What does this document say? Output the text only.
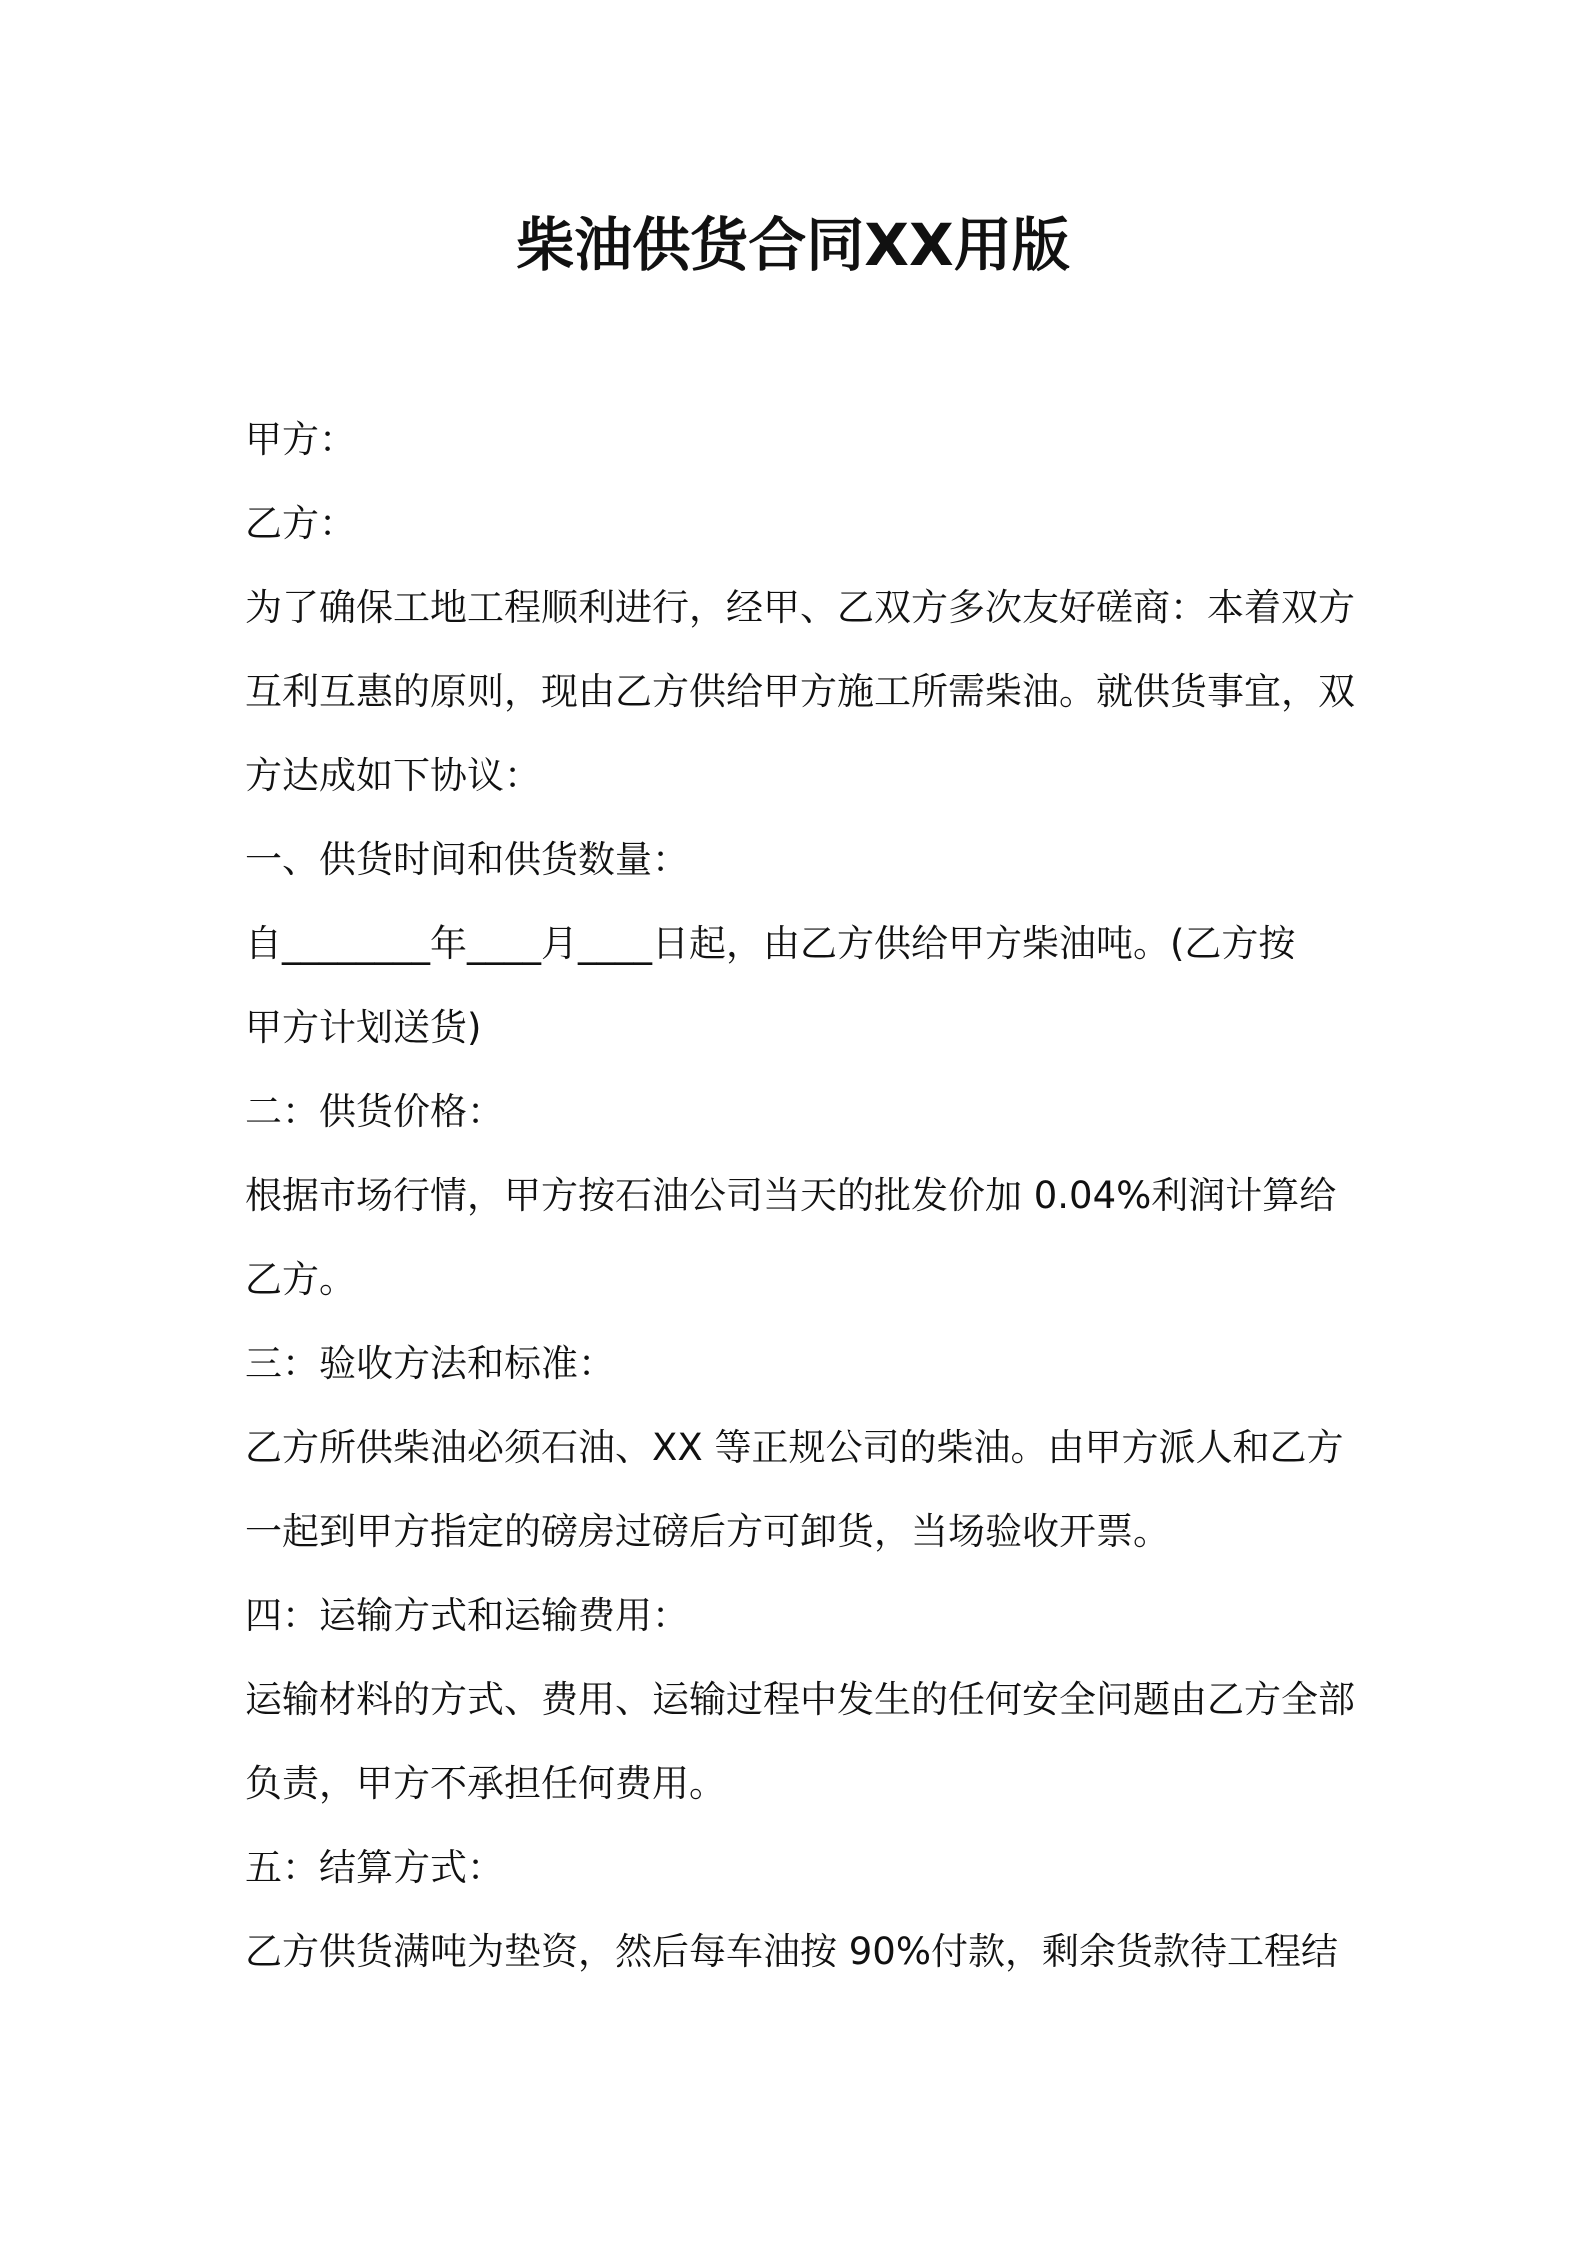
柴油供货合同XX用版
甲方：
乙方：
为了确保工地工程顺利进行，经甲、乙双方多次友好磋商：本着双方
互利互惠的原则，现由乙方供给甲方施工所需柴油。就供货事宜，双
方达成如下协议：
一、供货时间和供货数量：
自________年____月____日起，由乙方供给甲方柴油吨。(乙方按
甲方计划送货)
二：供货价格：
根据市场行情，甲方按石油公司当天的批发价加 0.04%利润计算给
乙方。
三：验收方法和标准：
乙方所供柴油必须石油、XX 等正规公司的柴油。由甲方派人和乙方
一起到甲方指定的磅房过磅后方可卸货，当场验收开票。
四：运输方式和运输费用：
运输材料的方式、费用、运输过程中发生的任何安全问题由乙方全部
负责，甲方不承担任何费用。
五：结算方式：
乙方供货满吨为垫资，然后每车油按 90%付款，剩余货款待工程结
